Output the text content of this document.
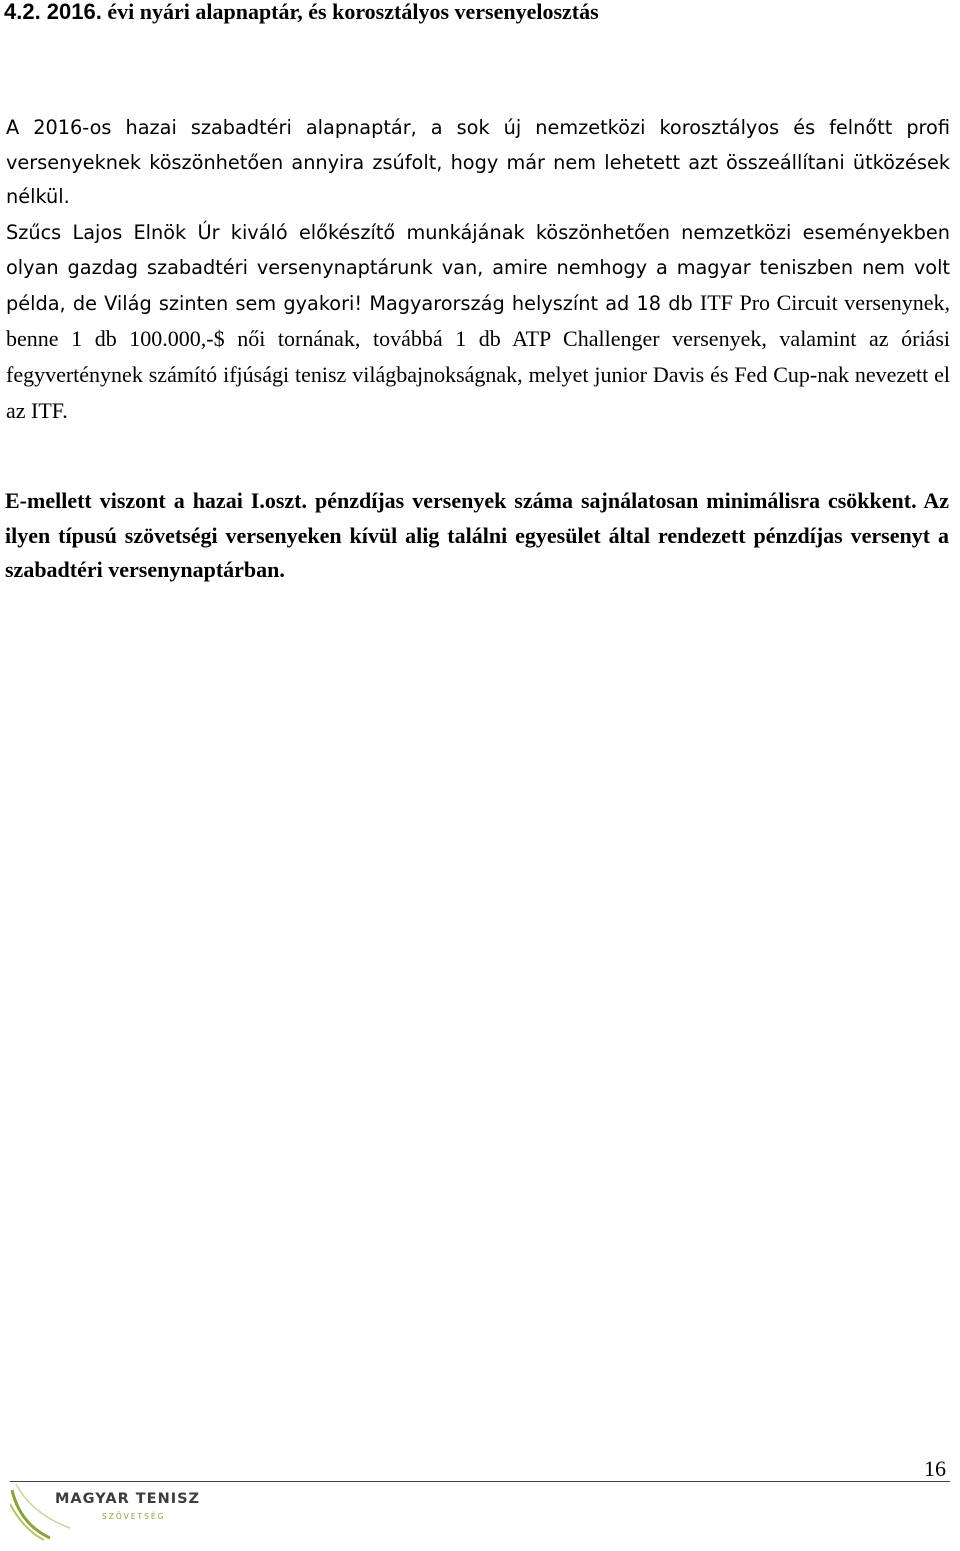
4.2. 2016. évi nyári alapnaptár, és korosztályos versenyelosztás

A 2016-os hazai szabadtéri alapnaptár, a sok új nemzetközi korosztályos és felnőtt profi versenyeknek köszönhetően annyira zsúfolt, hogy már nem lehetett azt összeállítani ütközések nélkül.

Szűcs Lajos Elnök Úr kiváló előkészítő munkájának köszönhetően nemzetközi eseményekben olyan gazdag szabadtéri versenynaptárunk van, amire nemhogy a magyar teniszben nem volt példa, de Világ szinten sem gyakori! Magyarország helyszínt ad 18 db ITF Pro Circuit versenynek, benne 1 db 100.000,-$ női tornának, továbbá 1 db ATP Challenger versenyek, valamint az óriási fegyverténynek számító ifjúsági tenisz világbajnokságnak, melyet junior Davis és Fed Cup-nak nevezett el az ITF.

E-mellett viszont a hazai I.oszt. pénzdíjas versenyek száma sajnálatosan minimálisra csökkent. Az ilyen típusú szövetségi versenyeken kívül alig találni egyesület által rendezett pénzdíjas versenyt a szabadtéri versenynaptárban.

16
MAGYAR TENISZ
SZÖVETSÉG
